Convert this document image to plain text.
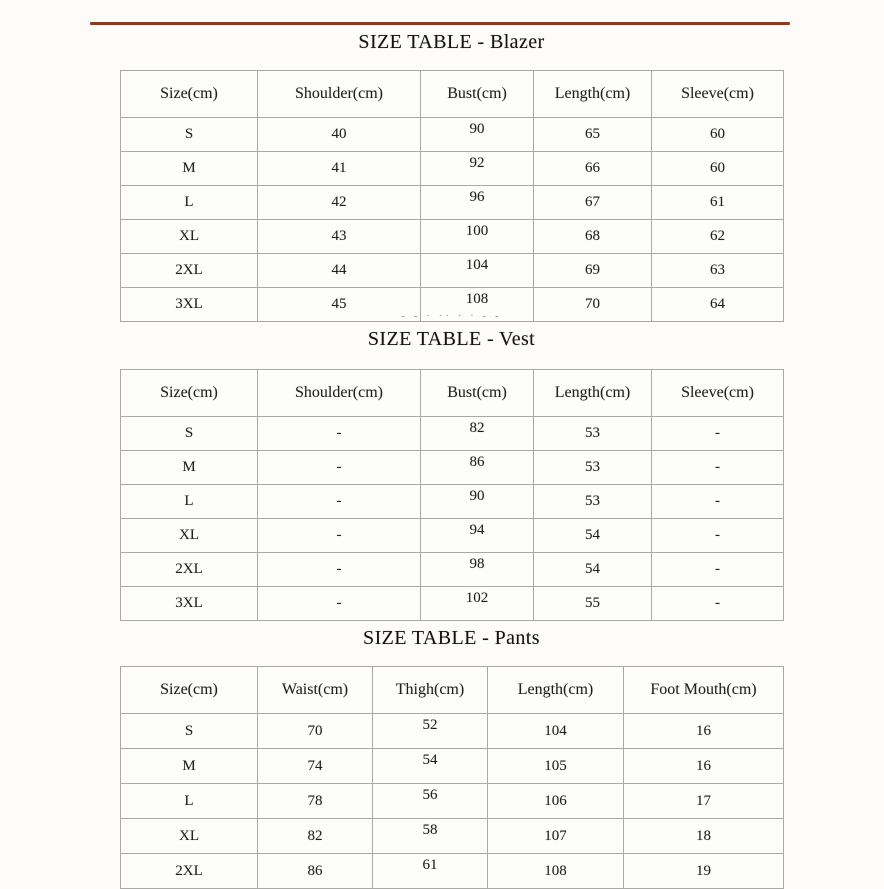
SIZE TABLE - Blazer
Size(cm)	Shoulder(cm)	Bust(cm)	Length(cm)	Sleeve(cm)
S	40	90	65	60
M	41	92	66	60
L	42	96	67	61
XL	43	100	68	62
2XL	44	104	69	63
3XL	45	108	70	64
- - · ·· · · - -
SIZE TABLE - Vest
Size(cm)	Shoulder(cm)	Bust(cm)	Length(cm)	Sleeve(cm)
S	-	82	53	-
M	-	86	53	-
L	-	90	53	-
XL	-	94	54	-
2XL	-	98	54	-
3XL	-	102	55	-
SIZE TABLE - Pants
Size(cm)	Waist(cm)	Thigh(cm)	Length(cm)	Foot Mouth(cm)
S	70	52	104	16
M	74	54	105	16
L	78	56	106	17
XL	82	58	107	18
2XL	86	61	108	19
